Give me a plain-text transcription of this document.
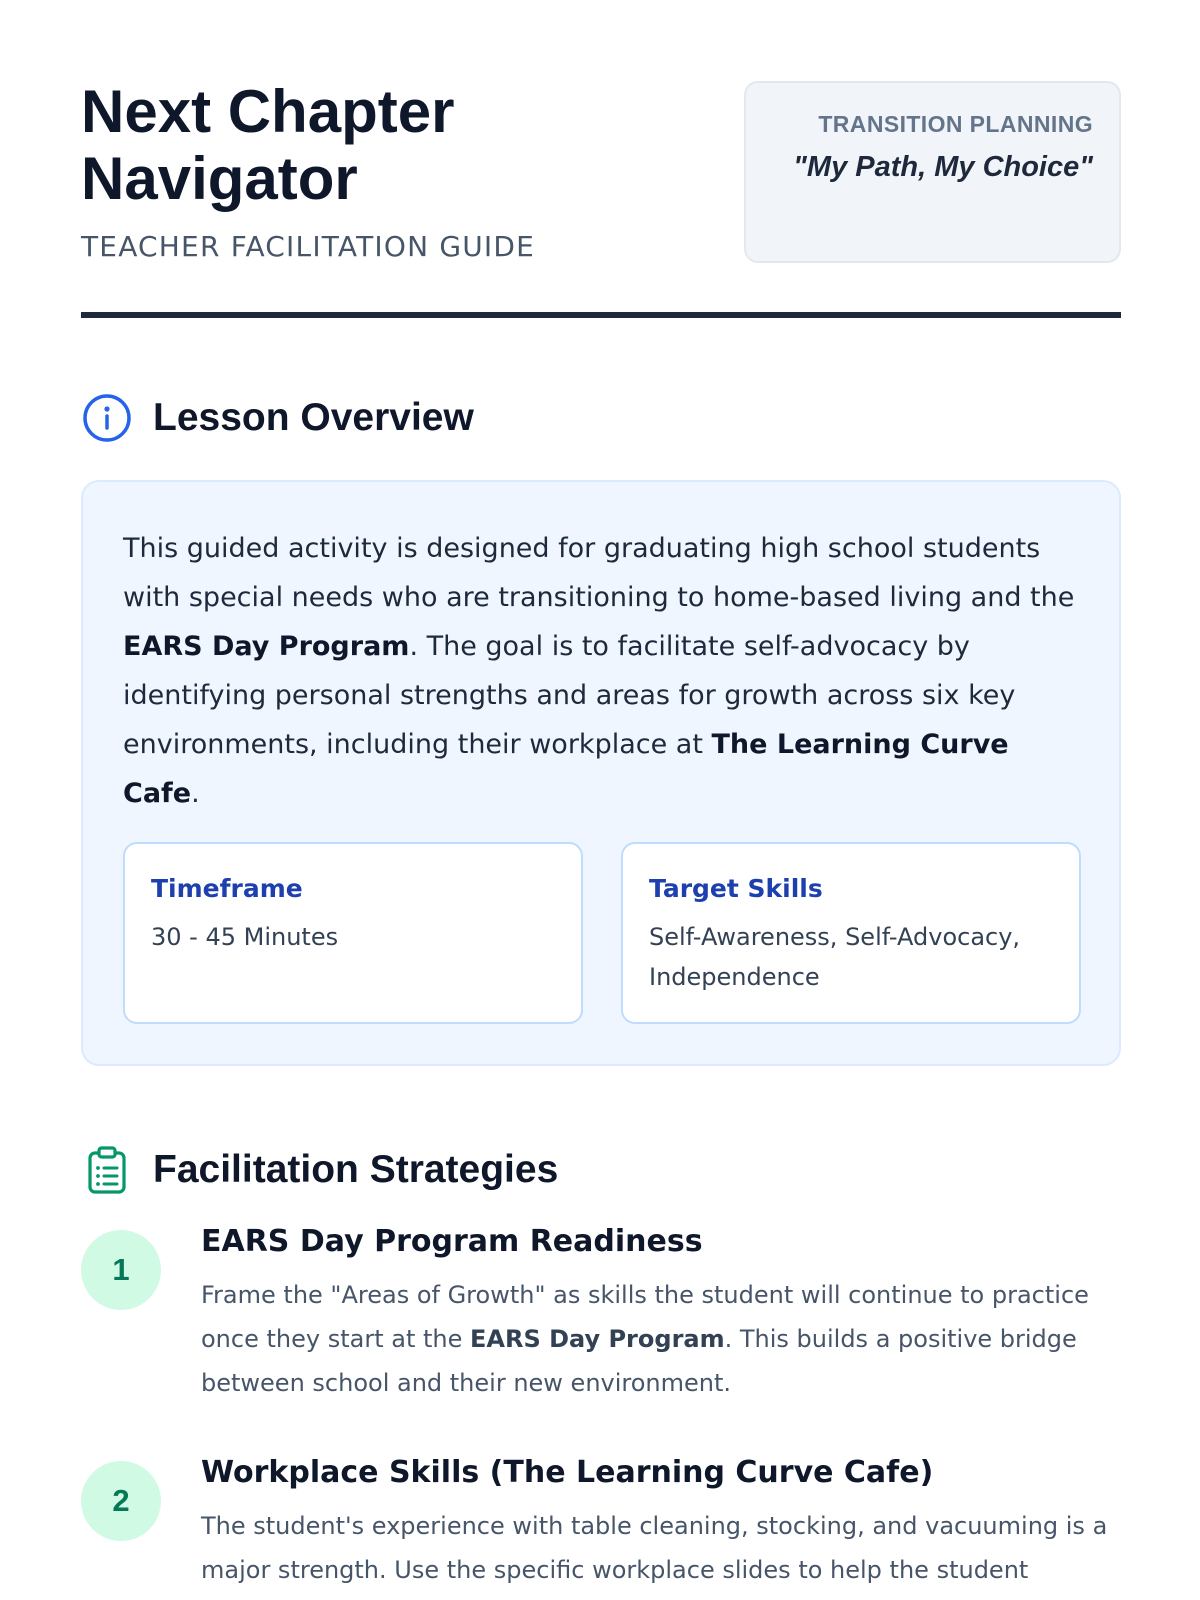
Next Chapter Navigator
TEACHER FACILITATION GUIDE
TRANSITION PLANNING
"My Path, My Choice"
Lesson Overview

This guided activity is designed for graduating high school students with special needs who are transitioning to home-based living and the EARS Day Program. The goal is to facilitate self-advocacy by identifying personal strengths and areas for growth across six key environments, including their workplace at The Learning Curve Cafe.

Timeframe
30 - 45 Minutes
Target Skills
Self-Awareness, Self-Advocacy, Independence
Facilitation Strategies
1
EARS Day Program Readiness
Frame the "Areas of Growth" as skills the student will continue to practice once they start at the EARS Day Program. This builds a positive bridge between school and their new environment.
2
Workplace Skills (The Learning Curve Cafe)
The student's experience with table cleaning, stocking, and vacuuming is a major strength. Use the specific workplace slides to help the student
